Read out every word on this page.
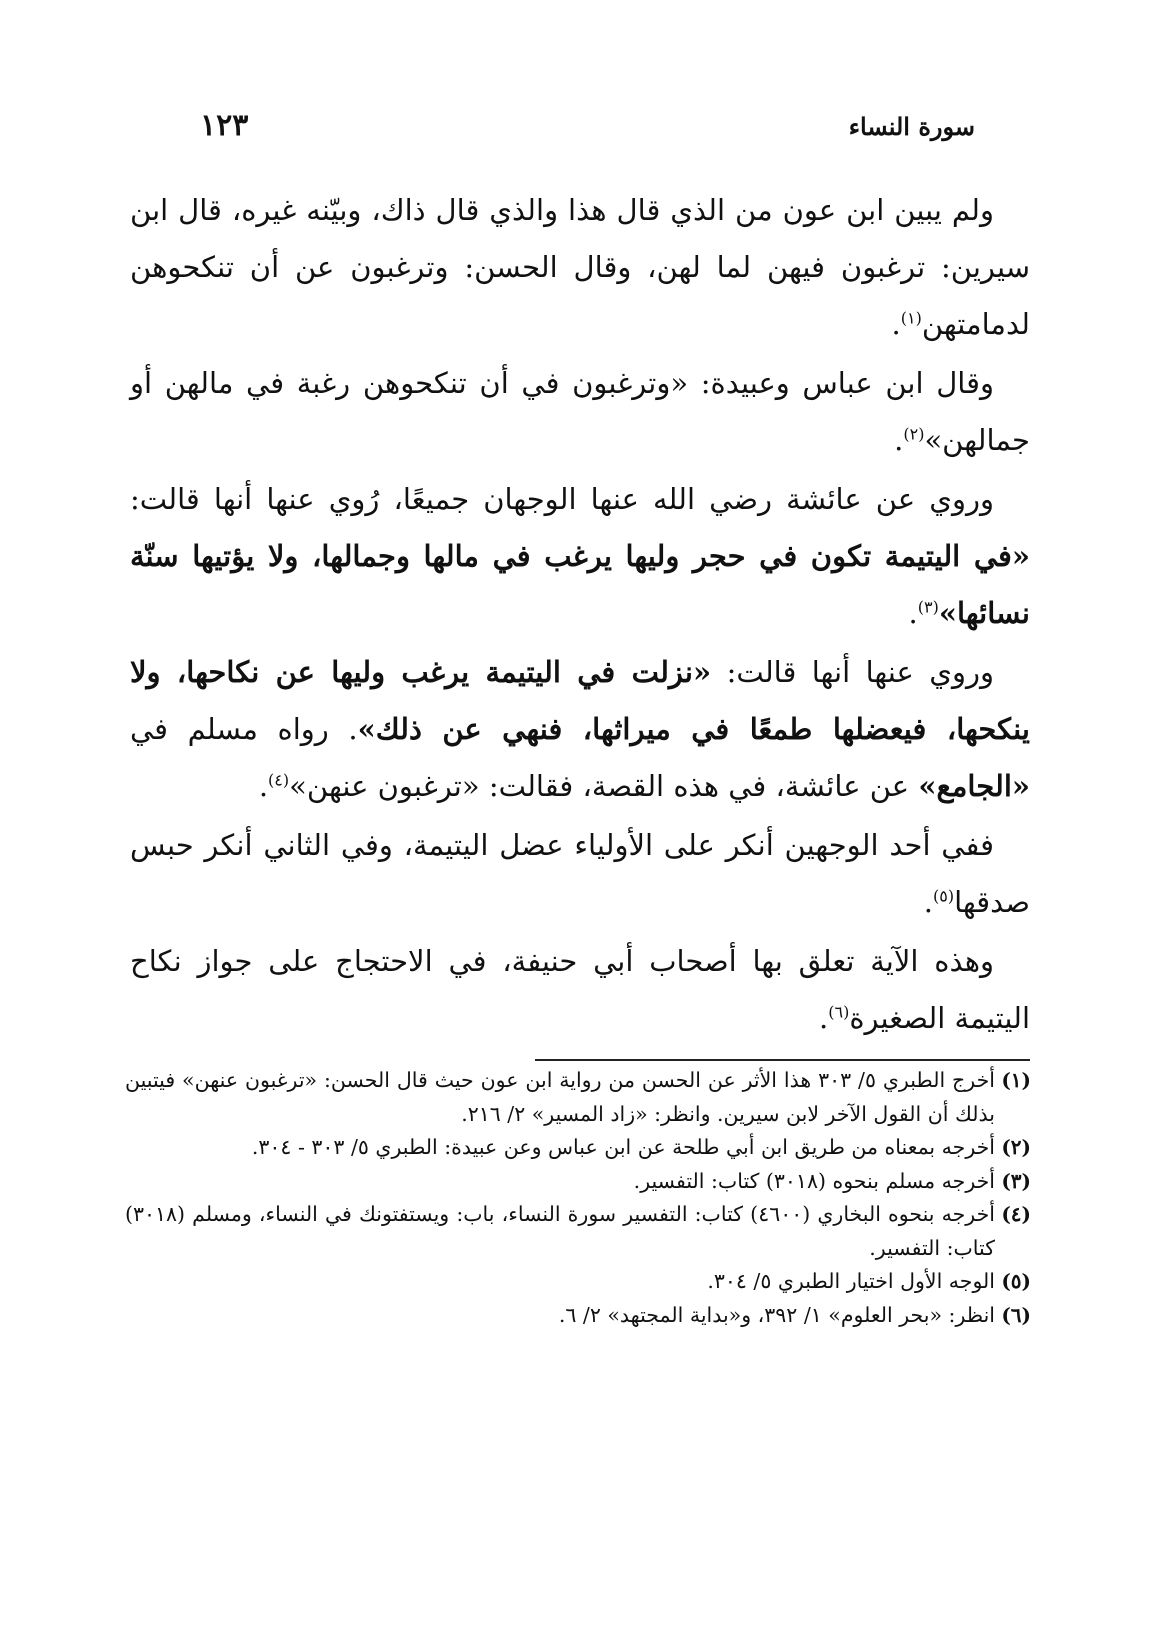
سورة النساء
١٢٣

ولم يبين ابن عون من الذي قال هذا والذي قال ذاك، وبيّنه غيره، قال ابن سيرين: ترغبون فيهن لما لهن، وقال الحسن: وترغبون عن أن تنكحوهن لدمامتهن$^{(١)}$.

وقال ابن عباس وعبيدة: «وترغبون في أن تنكحوهن رغبة في مالهن أو جمالهن»$^{(٢)}$.

وروي عن عائشة رضي الله عنها الوجهان جميعًا، رُوي عنها أنها قالت: «في اليتيمة تكون في حجر وليها يرغب في مالها وجمالها، ولا يؤتيها سنّة نسائها»$^{(٣)}$.

وروي عنها أنها قالت: «نزلت في اليتيمة يرغب وليها عن نكاحها، ولا ينكحها، فيعضلها طمعًا في ميراثها، فنهي عن ذلك». رواه مسلم في «الجامع» عن عائشة، في هذه القصة، فقالت: «ترغبون عنهن»$^{(٤)}$.

ففي أحد الوجهين أنكر على الأولياء عضل اليتيمة، وفي الثاني أنكر حبس صدقها$^{(٥)}$.

وهذه الآية تعلق بها أصحاب أبي حنيفة، في الاحتجاج على جواز نكاح اليتيمة الصغيرة$^{(٦)}$.

(١)
أخرج الطبري ٥/ ٣٠٣ هذا الأثر عن الحسن من رواية ابن عون حيث قال الحسن: «ترغبون عنهن» فيتبين بذلك أن القول الآخر لابن سيرين. وانظر: «زاد المسير» ٢/ ٢١٦.
(٢)
أخرجه بمعناه من طريق ابن أبي طلحة عن ابن عباس وعن عبيدة: الطبري ٥/ ٣٠٣ - ٣٠٤.
(٣)
أخرجه مسلم بنحوه (٣٠١٨) كتاب: التفسير.
(٤)
أخرجه بنحوه البخاري (٤٦٠٠) كتاب: التفسير سورة النساء، باب: ويستفتونك في النساء، ومسلم (٣٠١٨) كتاب: التفسير.
(٥)
الوجه الأول اختيار الطبري ٥/ ٣٠٤.
(٦)
انظر: «بحر العلوم» ١/ ٣٩٢، و«بداية المجتهد» ٢/ ٦.
